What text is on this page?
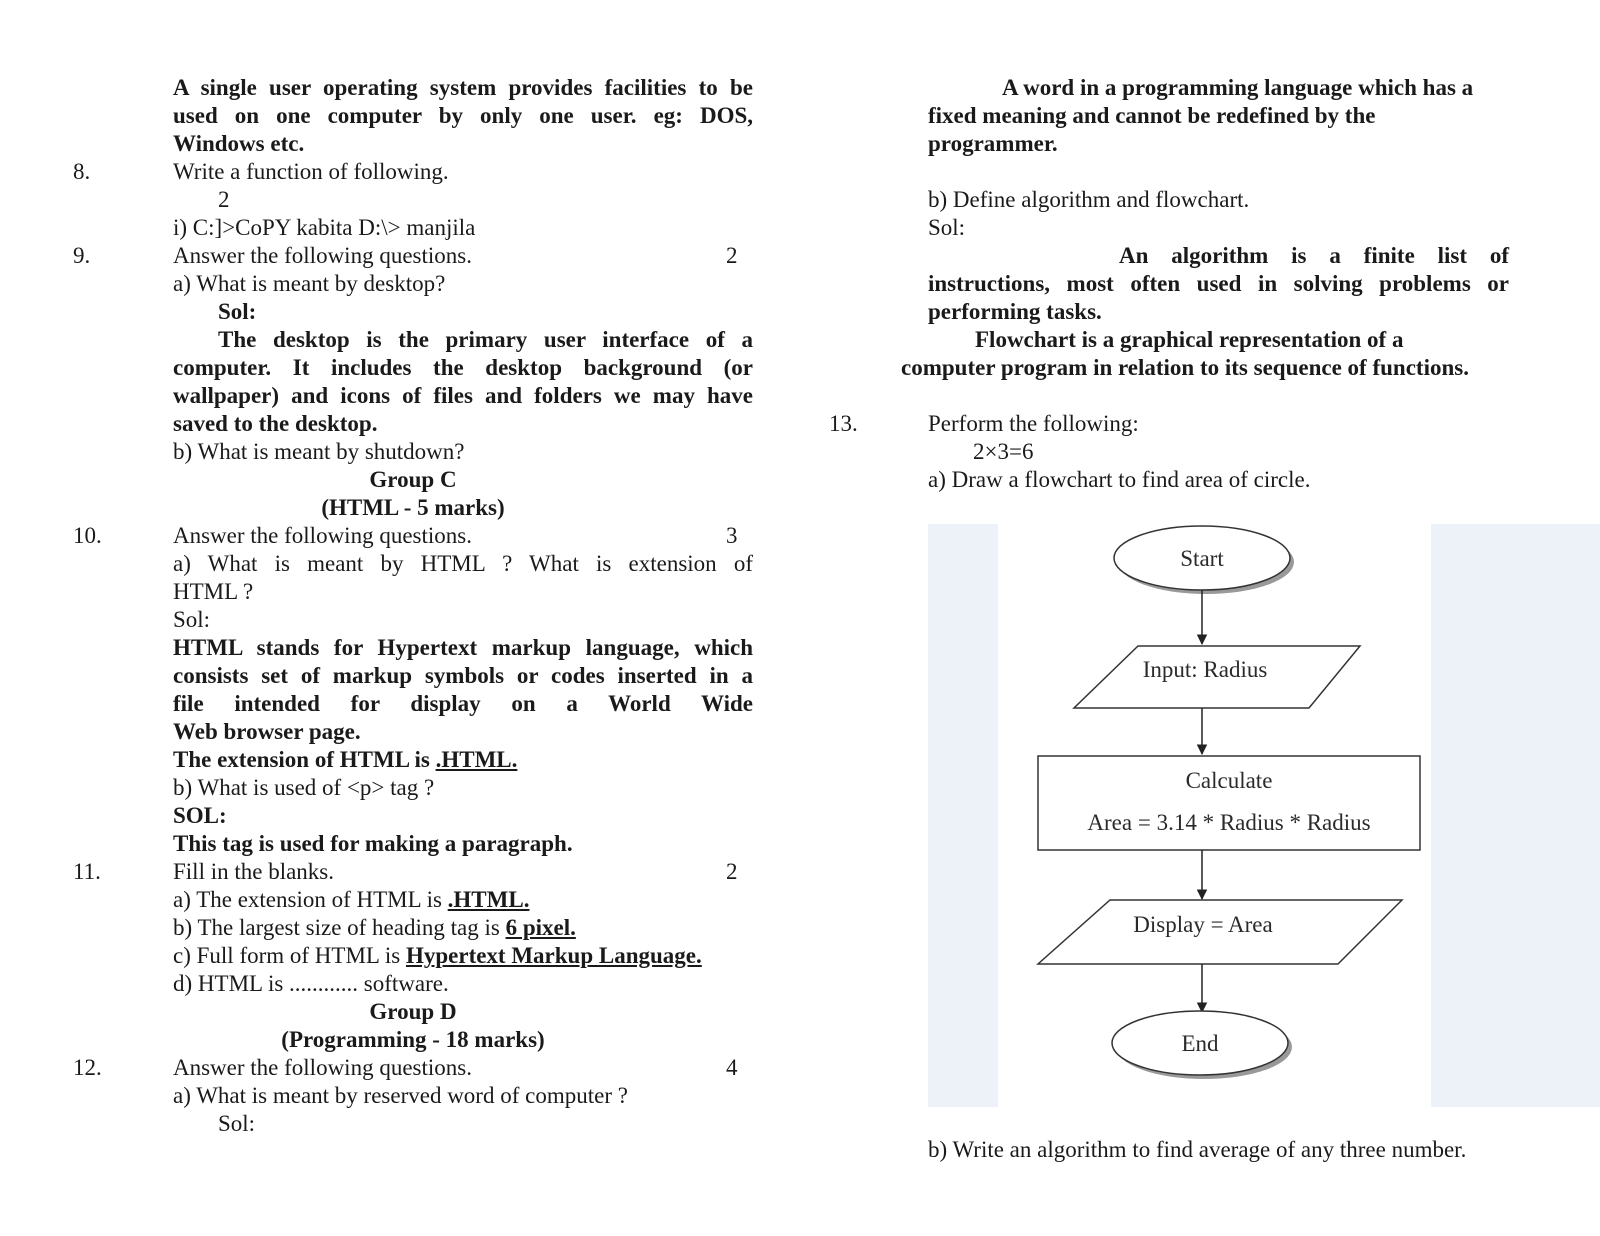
A single user operating system provides facilities to be
used on one computer by only one user. eg: DOS,
Windows etc.
8.	Write a function of following.
2
i) C:]>CoPY kabita D:\> manjila
9.	Answer the following questions.	2
a) What is meant by desktop?
Sol:
The desktop is the primary user interface of a
computer. It includes the desktop background (or
wallpaper) and icons of files and folders we may have
saved to the desktop.
b) What is meant by shutdown?
Group C
(HTML - 5 marks)
10.	Answer the following questions.	3
a) What is meant by HTML ? What is extension of
HTML ?
Sol:
HTML stands for Hypertext markup language, which
consists set of markup symbols or codes inserted in a
file intended for display on a World Wide
Web browser page.
The extension of HTML is .HTML.
b) What is used of <p> tag ?
SOL:
This tag is used for making a paragraph.
11.	Fill in the blanks.	2
a) The extension of HTML is .HTML.
b) The largest size of heading tag is 6 pixel.
c) Full form of HTML is Hypertext Markup Language.
d) HTML is ............ software.
Group D
(Programming - 18 marks)
12.	Answer the following questions.	4
a) What is meant by reserved word of computer ?
Sol:
A word in a programming language which has a
fixed meaning and cannot be redefined by the
programmer.
b) Define algorithm and flowchart.
Sol:
An algorithm is a finite list of
instructions, most often used in solving problems or
performing tasks.
Flowchart is a graphical representation of a
computer program in relation to its sequence of functions.
13.	Perform the following:
2×3=6
a) Draw a flowchart to find area of circle.
Start
Input: Radius
Calculate
Area = 3.14 * Radius * Radius
Display = Area
End
b) Write an algorithm to find average of any three number.
